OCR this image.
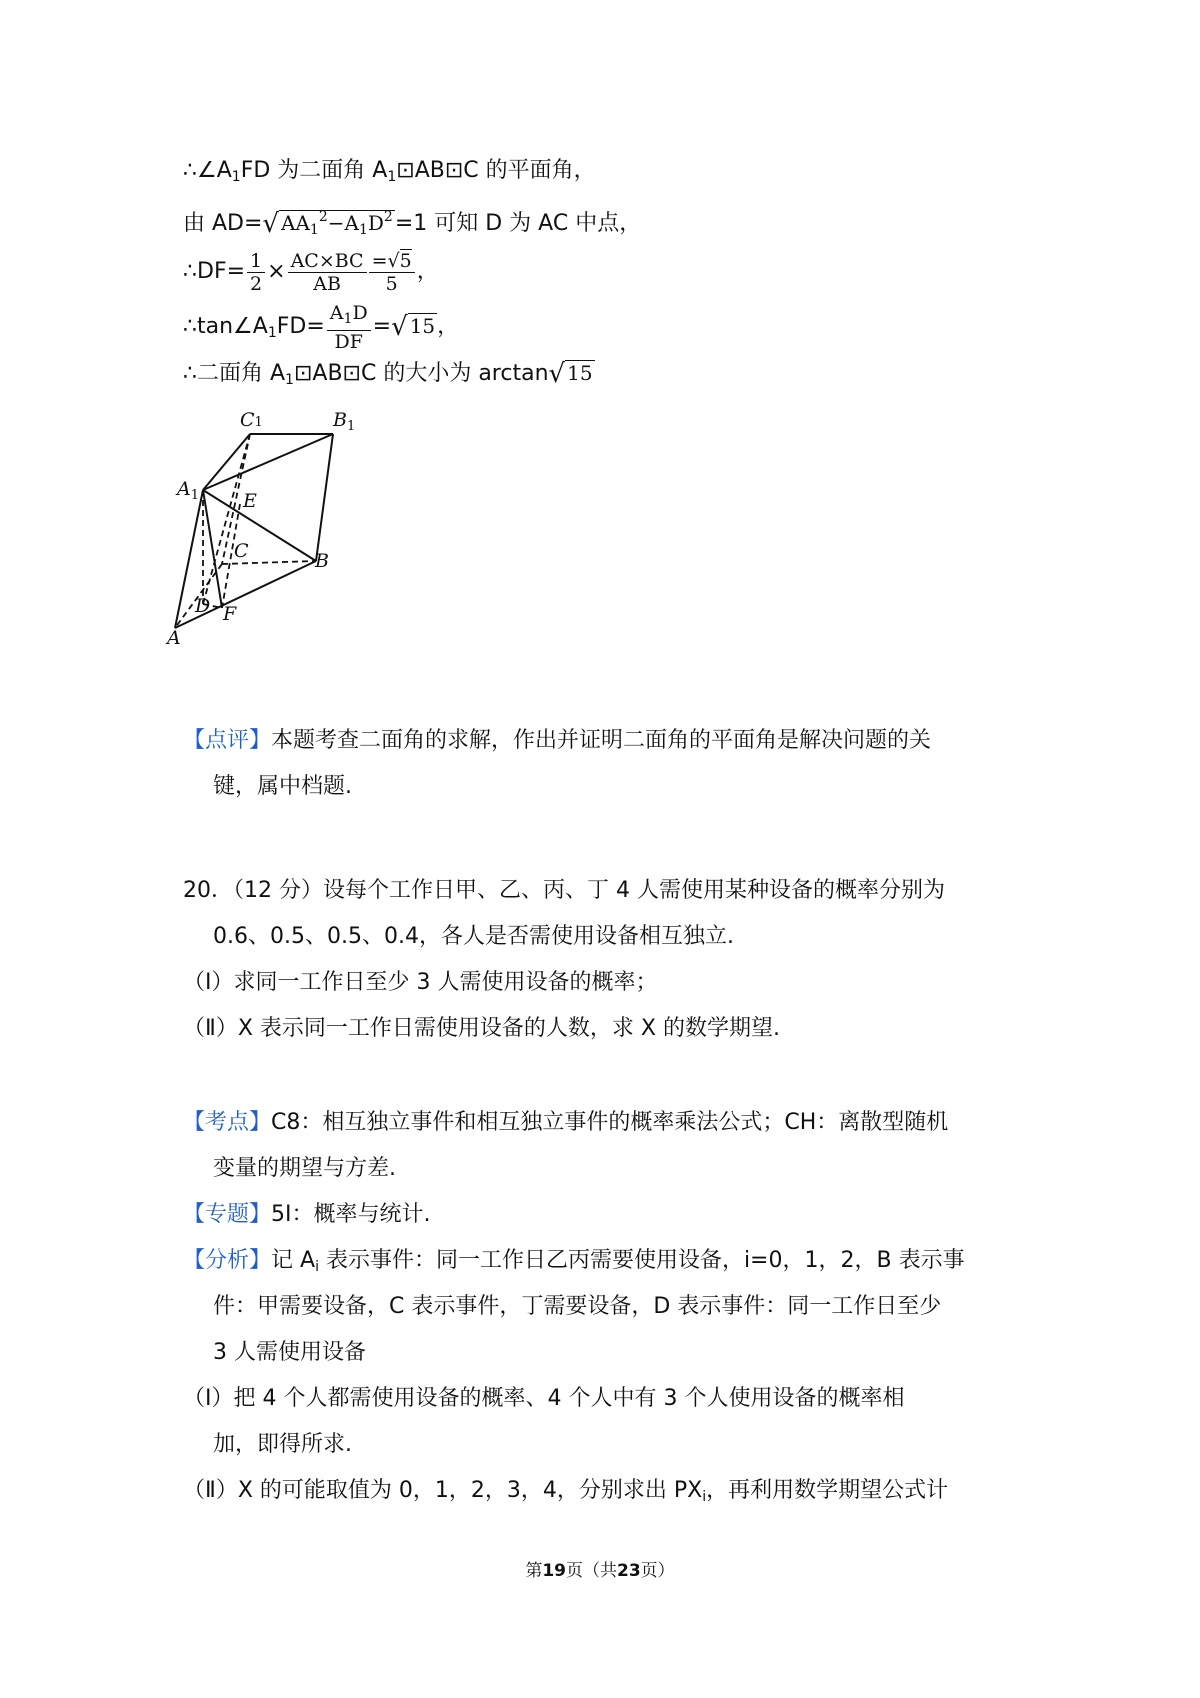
$\therefore\angle A_1FD$ 为二面角 $A_1⊡AB⊡C$ 的平面角，
由 AD=√ $AA_1^2-A_1D^2=1$ 可知 D 为 AC 中点，
∴DF= $\frac{1}{2} \times \frac{AC\times BC}{AB} \frac{=√5}{5}$ ，
$\therefore\tan\angle A_1FD= \frac{A_1D}{DF}$ =√ 15，
∴二面角 $A_1⊡AB⊡C$ 的大小为 arctan√ 15
C1	$B_1$
$A_1$ E
C	B
D F
A
【点评】本题考查二面角的求解，作出并证明二面角的平面角是解决问题的关
键，属中档题.
20．（12 分）设每个工作日甲、乙、丙、丁 4 人需使用某种设备的概率分别为
0.6、0.5、0.5、0.4，各人是否需使用设备相互独立.
（Ⅰ）求同一工作日至少 3 人需使用设备的概率；
（Ⅱ）X 表示同一工作日需使用设备的人数，求 X 的数学期望.
【考点】C8：相互独立事件和相互独立事件的概率乘法公式；CH：离散型随机
变量的期望与方差.
【专题】5I：概率与统计.
【分析】记 $A_i$ 表示事件：同一工作日乙丙需要使用设备，i=0，1，2，B 表示事
件：甲需要设备，C 表示事件，丁需要设备，D 表示事件：同一工作日至少
3 人需使用设备
（Ⅰ）把 4 个人都需使用设备的概率、4 个人中有 3 个人使用设备的概率相
加，即得所求.
（Ⅱ）X 的可能取值为 0，1，2，3，4，分别求出 $PX_i$，再利用数学期望公式计
第19页（共23页）
